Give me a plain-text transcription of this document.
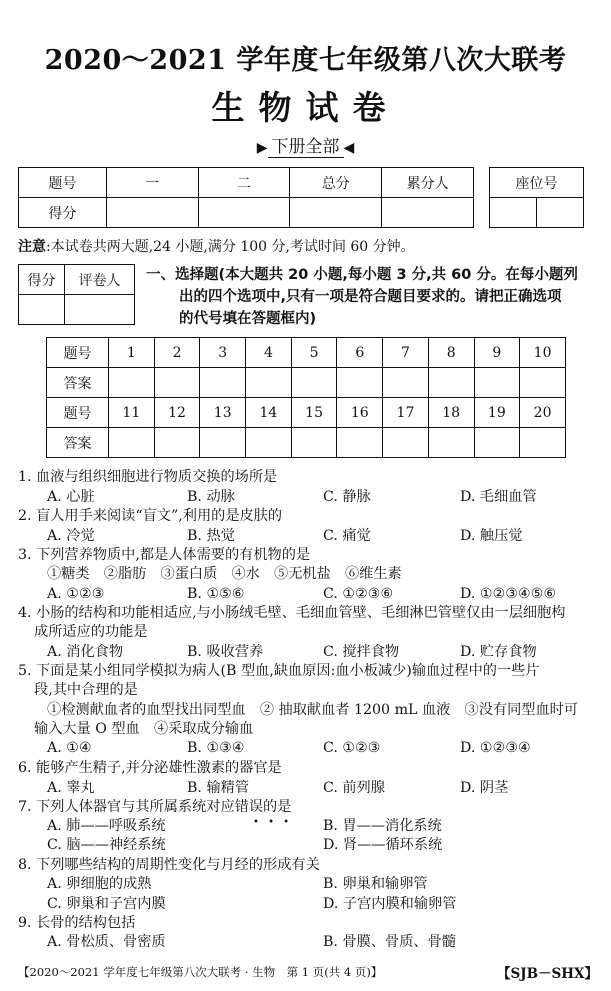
2020～2021 学年度七年级第八次大联考
生物试卷
▶ 下册全部 ◀
题号	一	二	总分	累分人
得分				
座位号

注意:本试卷共两大题,24 小题,满分 100 分,考试时间 60 分钟。
得分	评卷人
	一、选择题(本大题共 20 小题,每小题 3 分,共 60 分。在每小题列
出的四个选项中,只有一项是符合题目要求的。请把正确选项
的代号填在答题框内)
题号	1	2	3	4	5	6	7	8	9	10
答案										
题号	11	12	13	14	15	16	17	18	19	20
答案										
1. 血液与组织细胞进行物质交换的场所是
A. 心脏	B. 动脉	C. 静脉	D. 毛细血管
2. 盲人用手来阅读“盲文”,利用的是皮肤的
A. 冷觉	B. 热觉	C. 痛觉	D. 触压觉
3. 下列营养物质中,都是人体需要的有机物的是
①糖类　②脂肪　③蛋白质　④水　⑤无机盐　⑥维生素
A. ①②③	B. ①⑤⑥	C. ①②③⑥	D. ①②③④⑤⑥
4. 小肠的结构和功能相适应,与小肠绒毛壁、毛细血管壁、毛细淋巴管壁仅由一层细胞构
成所适应的功能是
A. 消化食物	B. 吸收营养	C. 搅拌食物	D. 贮存食物
5. 下面是某小组同学模拟为病人(B 型血,缺血原因:血小板减少)输血过程中的一些片
段,其中合理的是
①检测献血者的血型找出同型血　② 抽取献血者 1200 mL 血液　③没有同型血时可
输入大量 O 型血　④采取成分输血
A. ①④	B. ①③④	C. ①②③	D. ①②③④
6. 能够产生精子,并分泌雄性激素的器官是
A. 睾丸	B. 输精管	C. 前列腺	D. 阴茎
7. 下列人体器官与其所属系统对应错误的是
• • •
A. 肺——呼吸系统	B. 胃——消化系统
C. 脑——神经系统	D. 肾——循环系统
8. 下列哪些结构的周期性变化与月经的形成有关
A. 卵细胞的成熟	B. 卵巢和输卵管
C. 卵巢和子宫内膜	D. 子宫内膜和输卵管
9. 长骨的结构包括
A. 骨松质、骨密质	B. 骨膜、骨质、骨髓
【2020～2021 学年度七年级第八次大联考 · 生物　第 1 页(共 4 页)】	【SJB－SHX】
